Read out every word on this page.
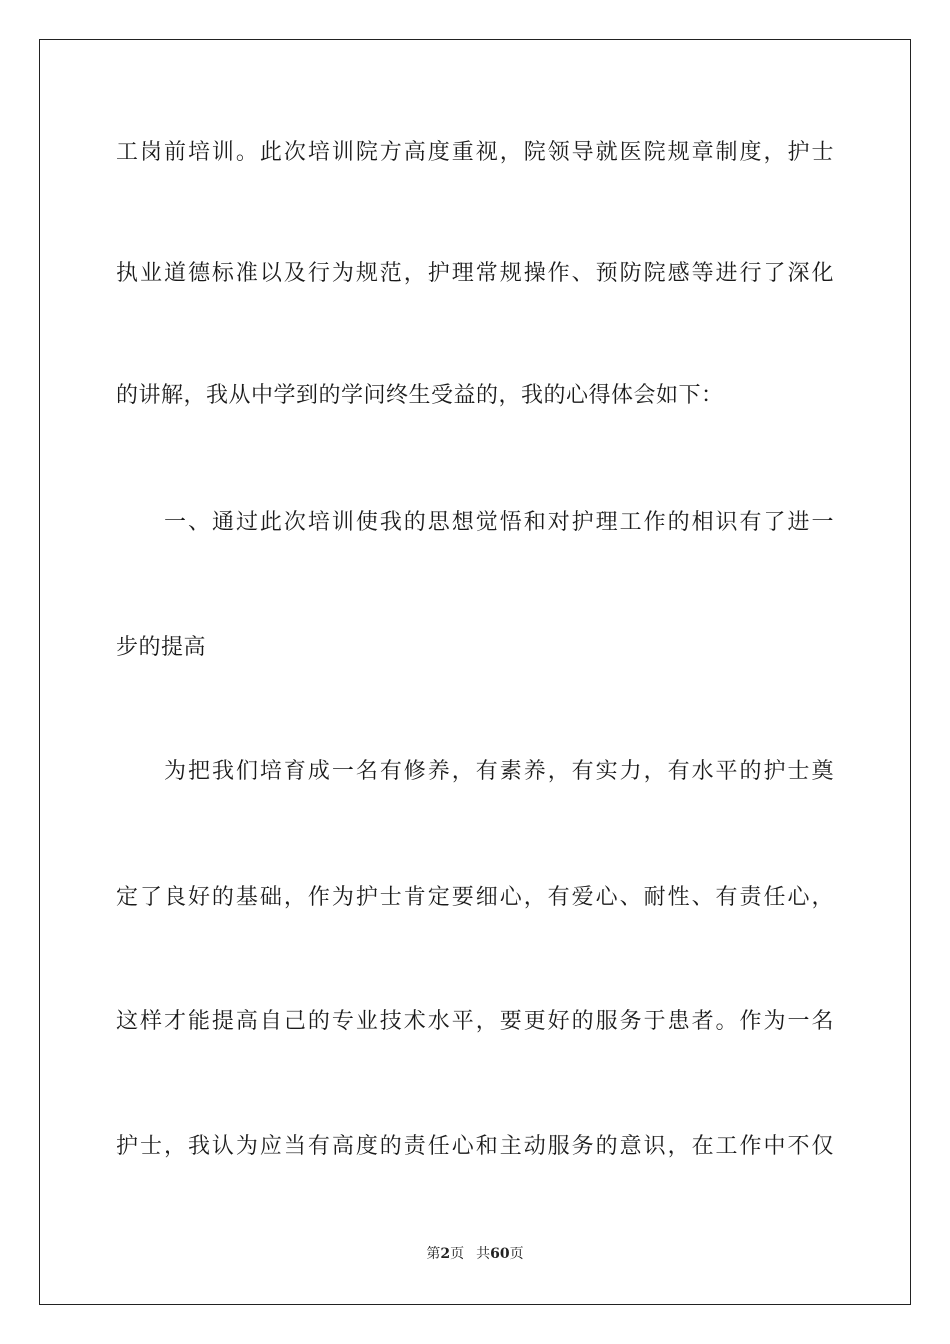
工岗前培训。此次培训院方高度重视，院领导就医院规章制度，护士
执业道德标准以及行为规范，护理常规操作、预防院感等进行了深化
的讲解，我从中学到的学问终生受益的，我的心得体会如下：
一、通过此次培训使我的思想觉悟和对护理工作的相识有了进一
步的提高
为把我们培育成一名有修养，有素养，有实力，有水平的护士奠
定了良好的基础，作为护士肯定要细心，有爱心、耐性、有责任心，
这样才能提高自己的专业技术水平，要更好的服务于患者。作为一名
护士，我认为应当有高度的责任心和主动服务的意识，在工作中不仅
第2页 共60页
